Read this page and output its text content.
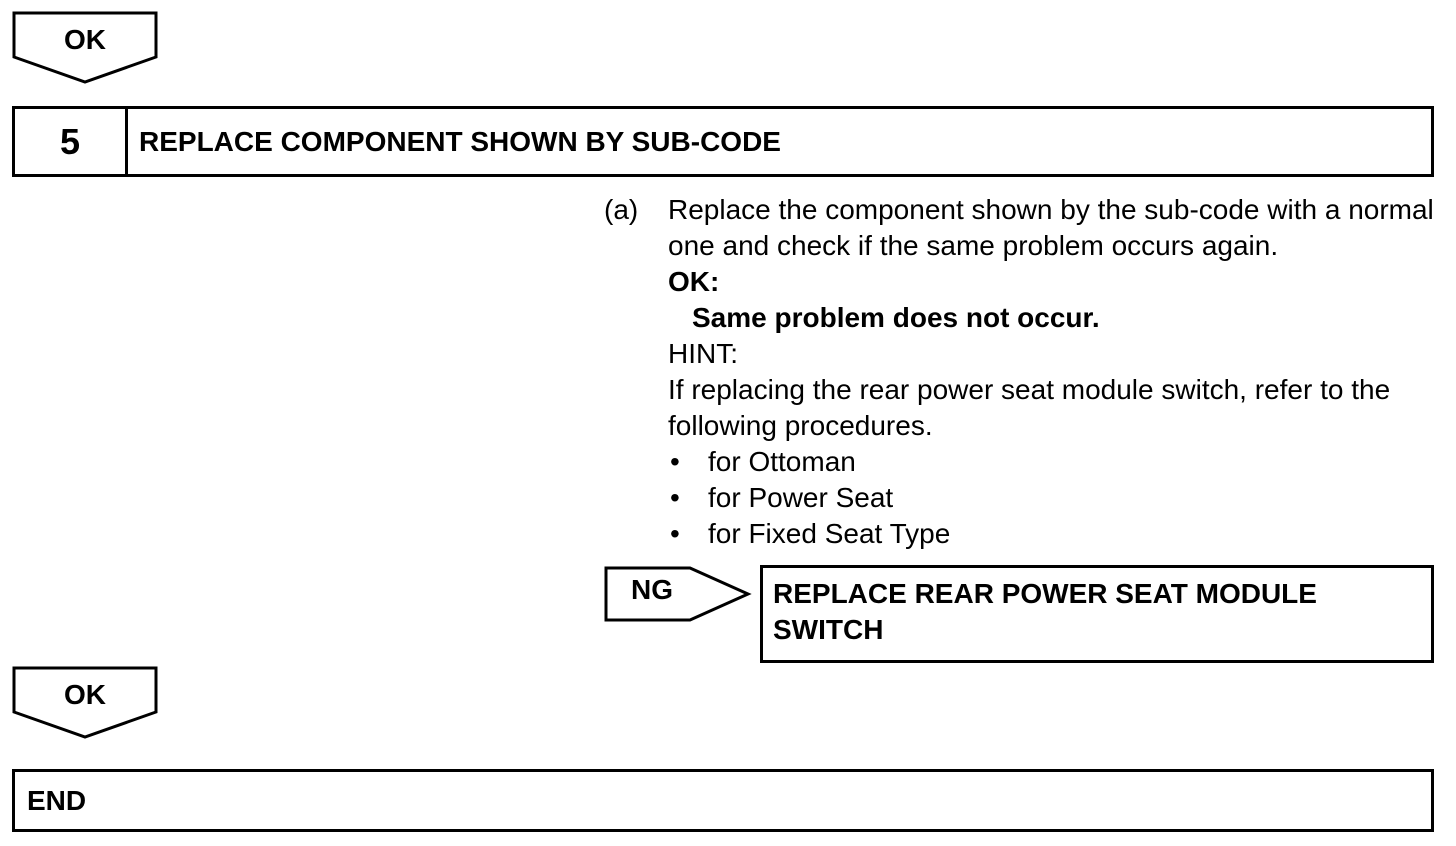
OK
5	REPLACE COMPONENT SHOWN BY SUB-CODE
(a)	Replace the component shown by the sub-code with a normal one and check if the same problem occurs again.
OK:
Same problem does not occur.
HINT:
If replacing the rear power seat module switch, refer to the following procedures.
•	for Ottoman
•	for Power Seat
•	for Fixed Seat Type
NG	REPLACE REAR POWER SEAT MODULE
SWITCH
OK
END
